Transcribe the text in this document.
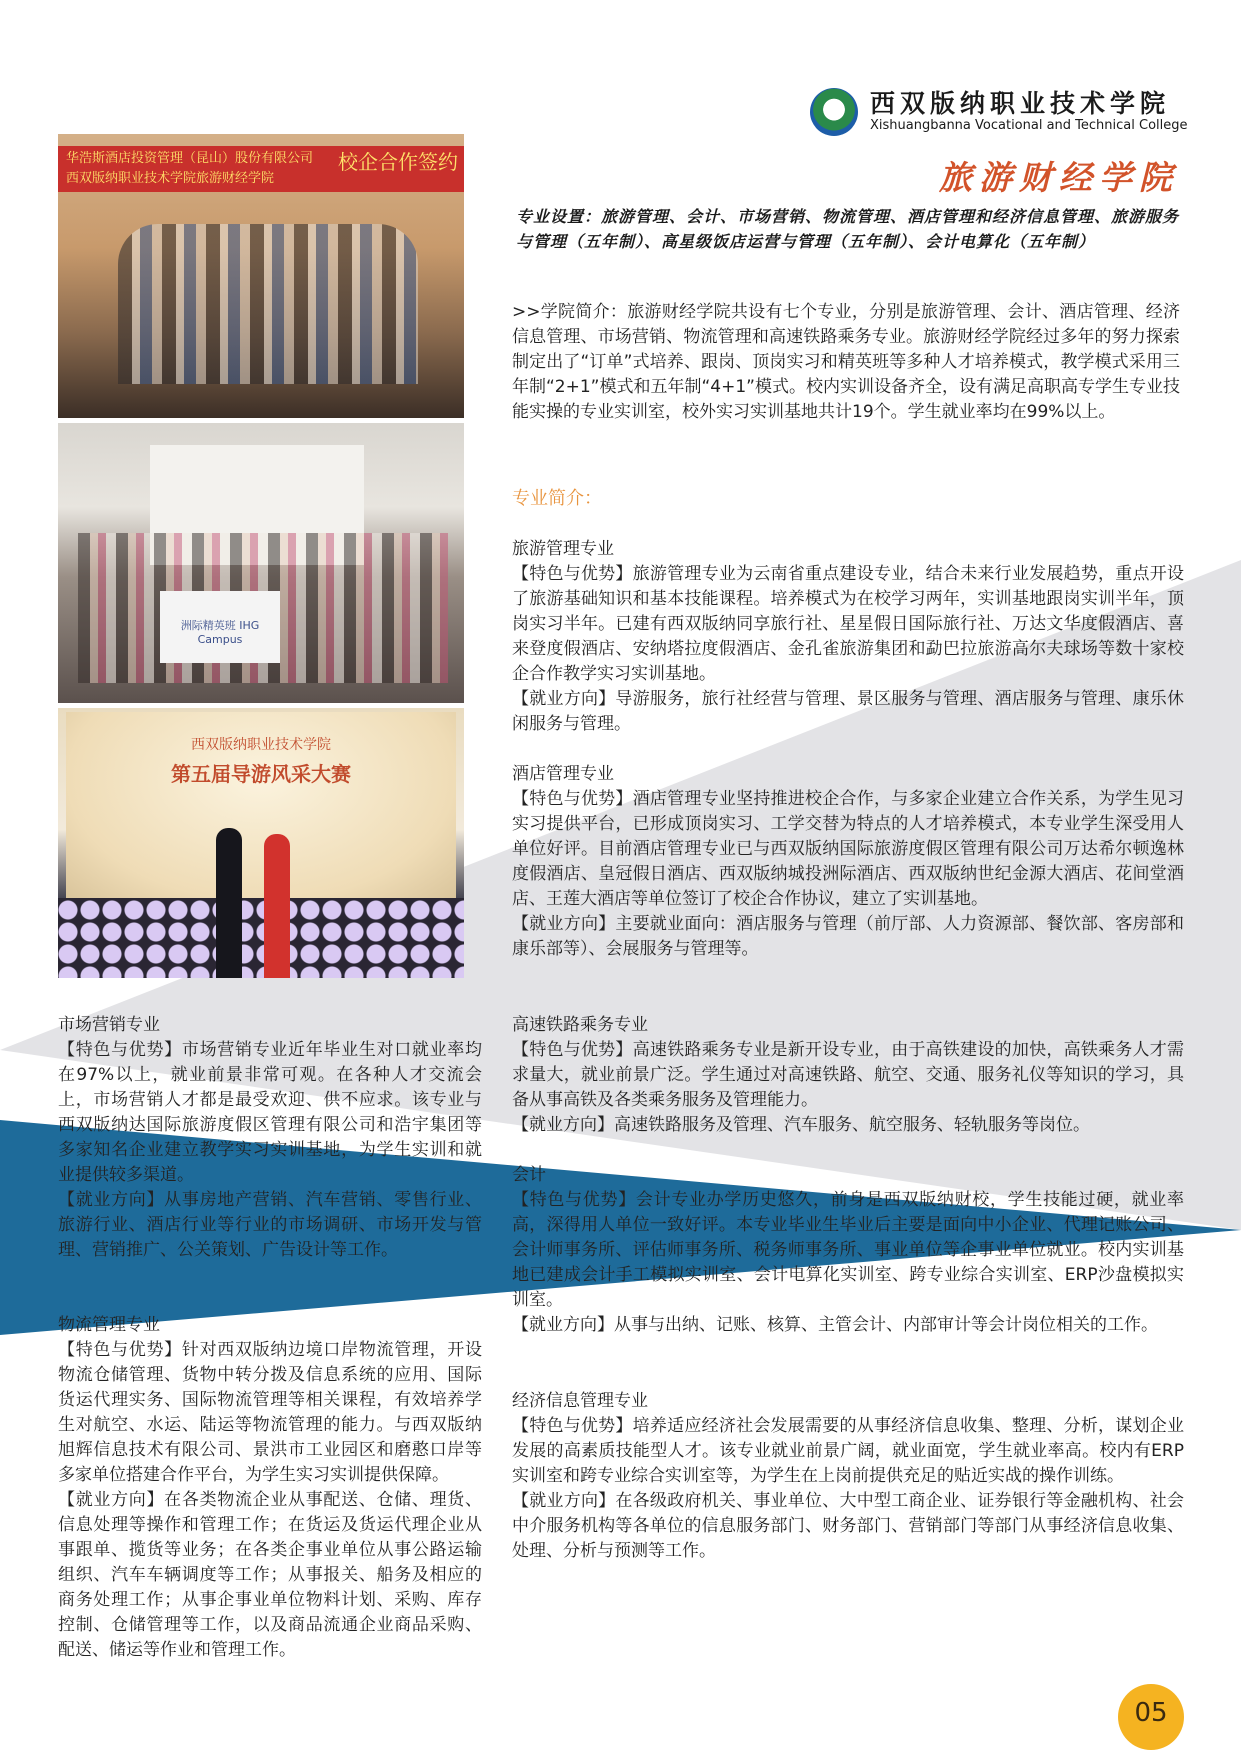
西双版纳职业技术学院
Xishuangbanna Vocational and Technical College
旅游财经学院
专业设置：旅游管理、会计、市场营销、物流管理、酒店管理和经济信息管理、旅游服务与管理（五年制）、高星级饭店运营与管理（五年制）、会计电算化（五年制）
>>学院简介：旅游财经学院共设有七个专业，分别是旅游管理、会计、酒店管理、经济信息管理、市场营销、物流管理和高速铁路乘务专业。旅游财经学院经过多年的努力探索制定出了“订单”式培养、跟岗、顶岗实习和精英班等多种人才培养模式，教学模式采用三年制“2+1”模式和五年制“4+1”模式。校内实训设备齐全，设有满足高职高专学生专业技能实操的专业实训室，校外实习实训基地共计19个。学生就业率均在99%以上。
专业简介：
华浩斯酒店投资管理（昆山）股份有限公司
西双版纳职业技术学院旅游财经学院
校企合作签约
洲际精英班 IHG Campus
西双版纳职业技术学院
第五届导游风采大赛
旅游管理专业

【特色与优势】旅游管理专业为云南省重点建设专业，结合未来行业发展趋势，重点开设了旅游基础知识和基本技能课程。培养模式为在校学习两年，实训基地跟岗实训半年，顶岗实习半年。已建有西双版纳同享旅行社、星星假日国际旅行社、万达文华度假酒店、喜来登度假酒店、安纳塔拉度假酒店、金孔雀旅游集团和勐巴拉旅游高尔夫球场等数十家校企合作教学实习实训基地。

【就业方向】导游服务，旅行社经营与管理、景区服务与管理、酒店服务与管理、康乐休闲服务与管理。

酒店管理专业

【特色与优势】酒店管理专业坚持推进校企合作，与多家企业建立合作关系，为学生见习实习提供平台，已形成顶岗实习、工学交替为特点的人才培养模式，本专业学生深受用人单位好评。目前酒店管理专业已与西双版纳国际旅游度假区管理有限公司万达希尔顿逸林度假酒店、皇冠假日酒店、西双版纳城投洲际酒店、西双版纳世纪金源大酒店、花间堂酒店、王莲大酒店等单位签订了校企合作协议，建立了实训基地。

【就业方向】主要就业面向：酒店服务与管理（前厅部、人力资源部、餐饮部、客房部和康乐部等）、会展服务与管理等。

高速铁路乘务专业

【特色与优势】高速铁路乘务专业是新开设专业，由于高铁建设的加快，高铁乘务人才需求量大，就业前景广泛。学生通过对高速铁路、航空、交通、服务礼仪等知识的学习，具备从事高铁及各类乘务服务及管理能力。

【就业方向】高速铁路服务及管理、汽车服务、航空服务、轻轨服务等岗位。

会计

【特色与优势】会计专业办学历史悠久，前身是西双版纳财校，学生技能过硬，就业率高，深得用人单位一致好评。本专业毕业生毕业后主要是面向中小企业、代理记账公司、会计师事务所、评估师事务所、税务师事务所、事业单位等企事业单位就业。校内实训基地已建成会计手工模拟实训室、会计电算化实训室、跨专业综合实训室、ERP沙盘模拟实训室。

【就业方向】从事与出纳、记账、核算、主管会计、内部审计等会计岗位相关的工作。

经济信息管理专业

【特色与优势】培养适应经济社会发展需要的从事经济信息收集、整理、分析，谋划企业发展的高素质技能型人才。该专业就业前景广阔，就业面宽，学生就业率高。校内有ERP实训室和跨专业综合实训室等，为学生在上岗前提供充足的贴近实战的操作训练。

【就业方向】在各级政府机关、事业单位、大中型工商企业、证券银行等金融机构、社会中介服务机构等各单位的信息服务部门、财务部门、营销部门等部门从事经济信息收集、处理、分析与预测等工作。

市场营销专业

【特色与优势】市场营销专业近年毕业生对口就业率均在97%以上，就业前景非常可观。在各种人才交流会上，市场营销人才都是最受欢迎、供不应求。该专业与西双版纳达国际旅游度假区管理有限公司和浩宇集团等多家知名企业建立教学实习实训基地，为学生实训和就业提供较多渠道。

【就业方向】从事房地产营销、汽车营销、零售行业、旅游行业、酒店行业等行业的市场调研、市场开发与管理、营销推广、公关策划、广告设计等工作。

物流管理专业

【特色与优势】针对西双版纳边境口岸物流管理，开设物流仓储管理、货物中转分拨及信息系统的应用、国际货运代理实务、国际物流管理等相关课程，有效培养学生对航空、水运、陆运等物流管理的能力。与西双版纳旭辉信息技术有限公司、景洪市工业园区和磨憨口岸等多家单位搭建合作平台，为学生实习实训提供保障。

【就业方向】在各类物流企业从事配送、仓储、理货、信息处理等操作和管理工作；在货运及货运代理企业从事跟单、揽货等业务；在各类企事业单位从事公路运输组织、汽车车辆调度等工作；从事报关、船务及相应的商务处理工作；从事企事业单位物料计划、采购、库存控制、仓储管理等工作，以及商品流通企业商品采购、配送、储运等作业和管理工作。

05
